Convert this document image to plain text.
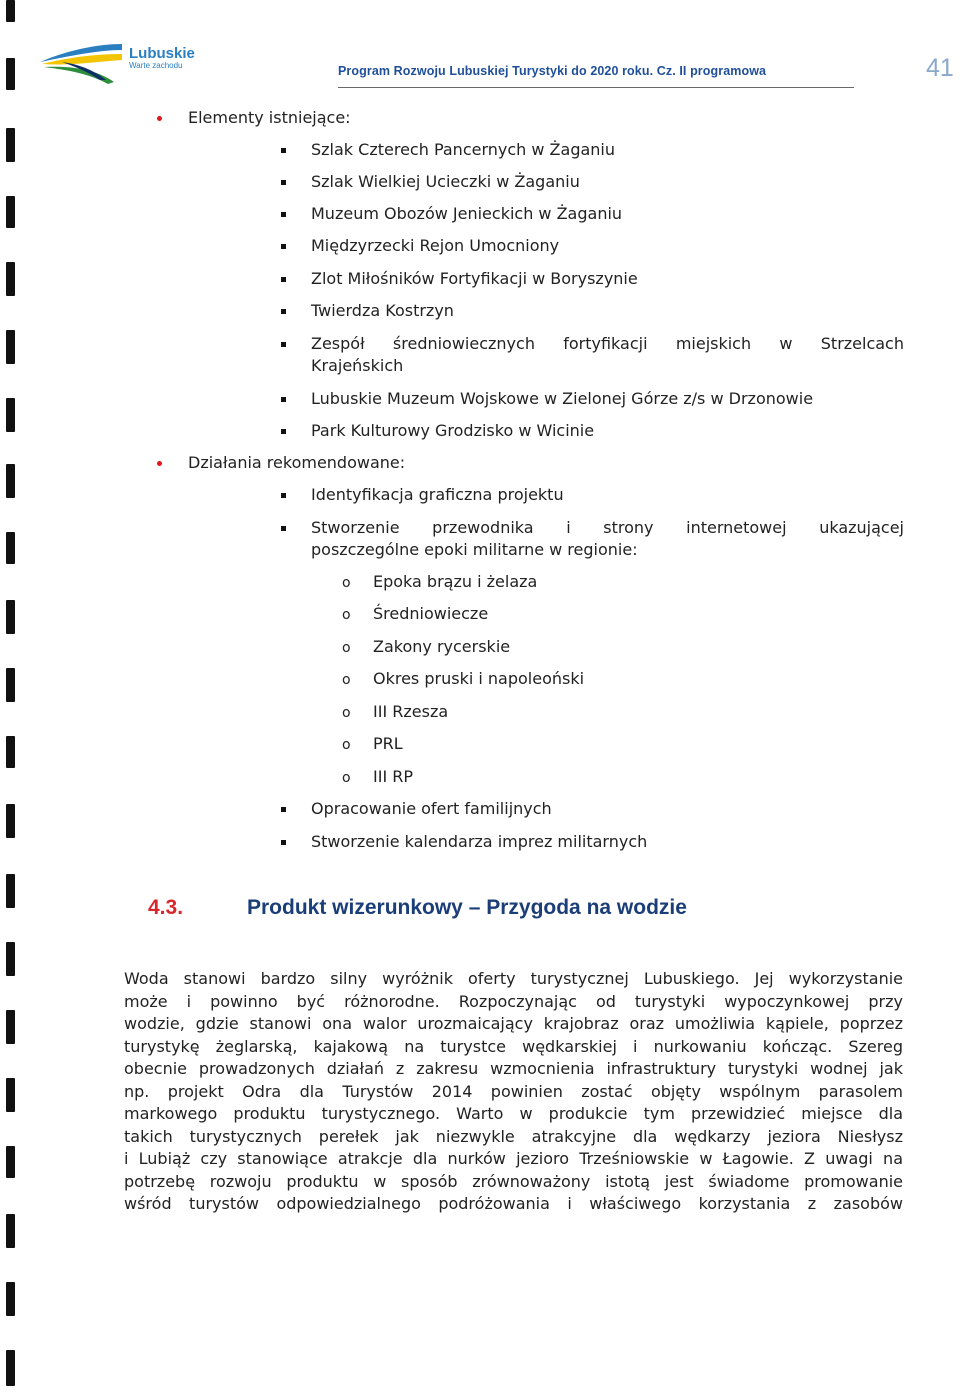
Lubuskie
Warte zachodu	Program Rozwoju Lubuskiej Turystyki do 2020 roku. Cz. II programowa	41
Elementy istniejące:
Szlak Czterech Pancernych w Żaganiu
Szlak Wielkiej Ucieczki w Żaganiu
Muzeum Obozów Jenieckich w Żaganiu
Międzyrzecki Rejon Umocniony
Zlot Miłośników Fortyfikacji w Boryszynie
Twierdza Kostrzyn
Zespół średniowiecznych fortyfikacji miejskich w Strzelcach
Krajeńskich
Lubuskie Muzeum Wojskowe w Zielonej Górze z/s w Drzonowie
Park Kulturowy Grodzisko w Wicinie
Działania rekomendowane:
Identyfikacja graficzna projektu
Stworzenie przewodnika i strony internetowej ukazującej
poszczególne epoki militarne w regionie:
o Epoka brązu i żelaza
o Średniowiecze
o Zakony rycerskie
o Okres pruski i napoleoński
o III Rzesza
o PRL
o III RP
Opracowanie ofert familijnych
Stworzenie kalendarza imprez militarnych
4.3.	Produkt wizerunkowy – Przygoda na wodzie
Woda stanowi bardzo silny wyróżnik oferty turystycznej Lubuskiego. Jej wykorzystanie
może i powinno być różnorodne. Rozpoczynając od turystyki wypoczynkowej przy
wodzie, gdzie stanowi ona walor urozmaicający krajobraz oraz umożliwia kąpiele, poprzez
turystykę żeglarską, kajakową na turystce wędkarskiej i nurkowaniu kończąc. Szereg
obecnie prowadzonych działań z zakresu wzmocnienia infrastruktury turystyki wodnej jak
np. projekt Odra dla Turystów 2014 powinien zostać objęty wspólnym parasolem
markowego produktu turystycznego. Warto w produkcie tym przewidzieć miejsce dla
takich turystycznych perełek jak niezwykle atrakcyjne dla wędkarzy jeziora Niesłysz
i Lubiąż czy stanowiące atrakcje dla nurków jezioro Trześniowskie w Łagowie. Z uwagi na
potrzebę rozwoju produktu w sposób zrównoważony istotą jest świadome promowanie
wśród turystów odpowiedzialnego podróżowania i właściwego korzystania z zasobów
